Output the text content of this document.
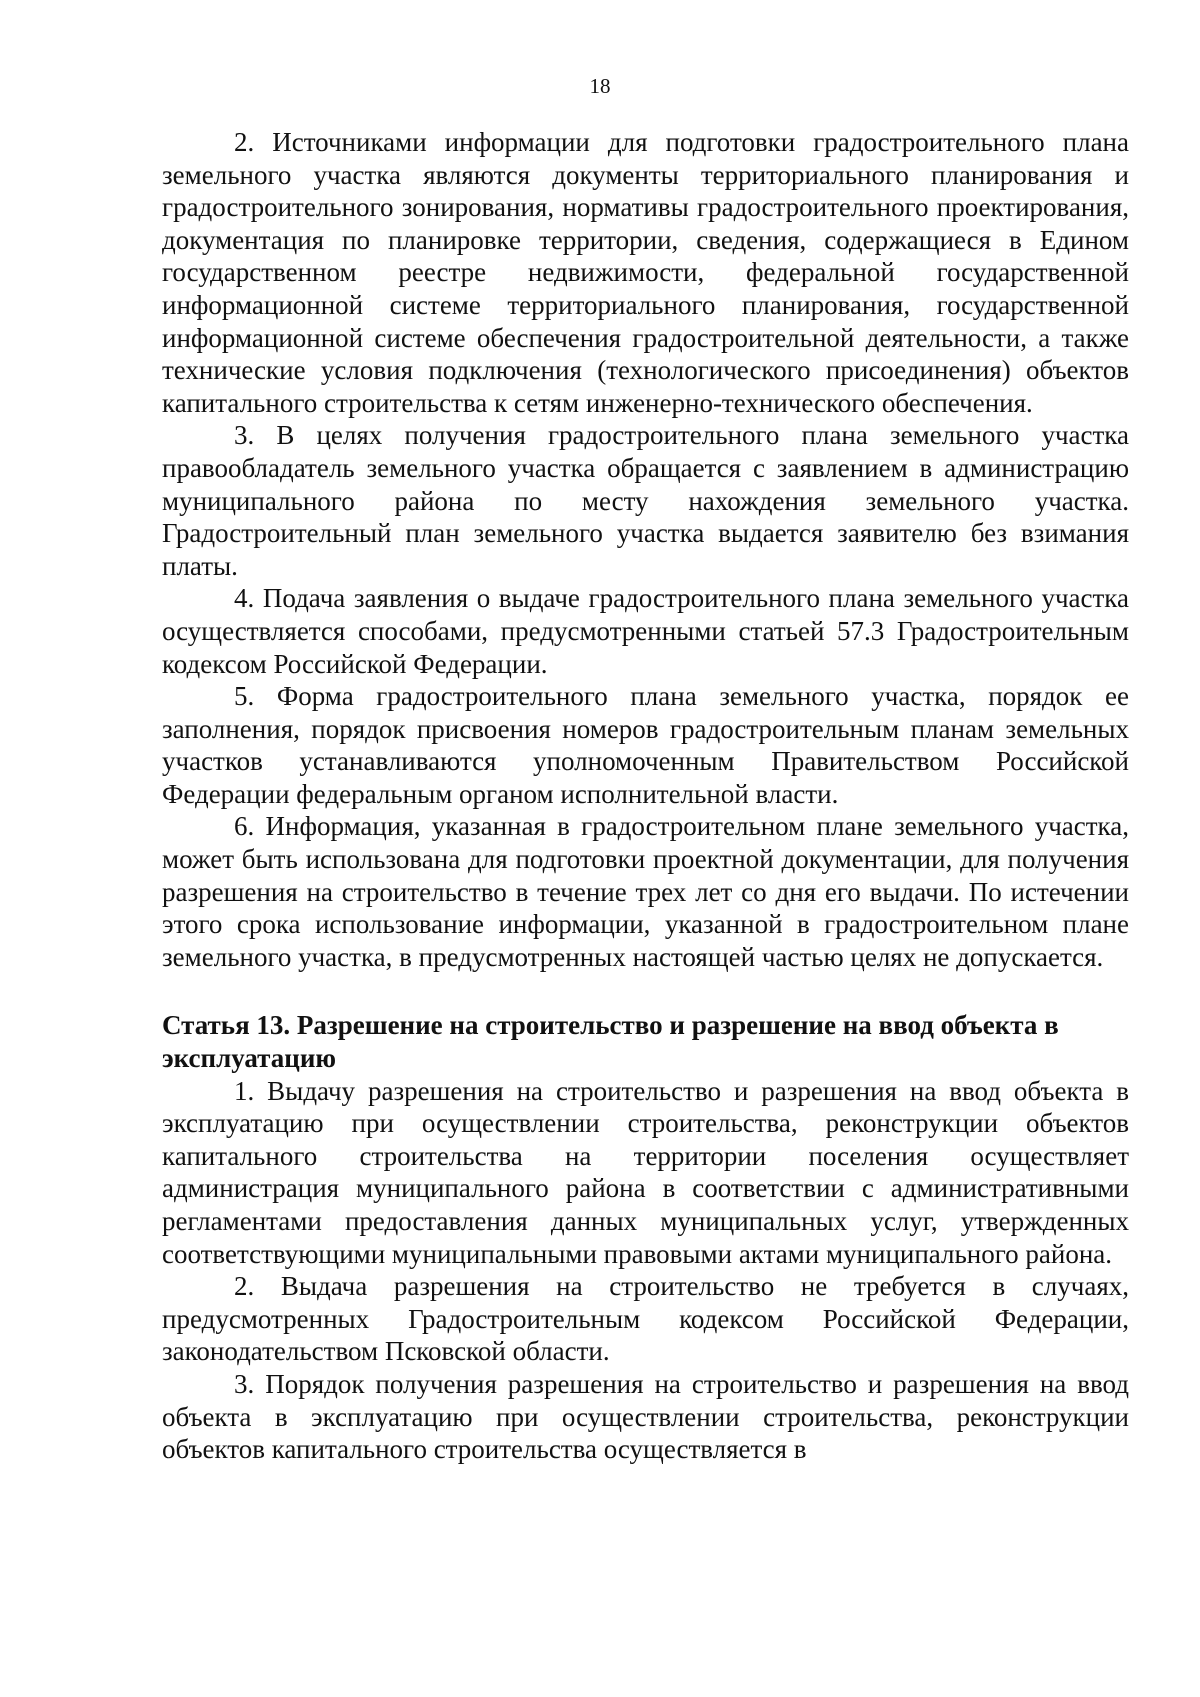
18

2. Источниками информации для подготовки градостроительного плана земельного участка являются документы территориального планирования и градостроительного зонирования, нормативы градостроительного проектирования, документация по планировке территории, сведения, содержащиеся в Едином государственном реестре недвижимости, федеральной государственной информационной системе территориального планирования, государственной информационной системе обеспечения градостроительной деятельности, а также технические условия подключения (технологического присоединения) объектов капитального строительства к сетям инженерно-технического обеспечения.

3. В целях получения градостроительного плана земельного участка правообладатель земельного участка обращается с заявлением в администрацию муниципального района по месту нахождения земельного участка. Градостроительный план земельного участка выдается заявителю без взимания платы.

4. Подача заявления о выдаче градостроительного плана земельного участка осуществляется способами, предусмотренными статьей 57.3 Градостроительным кодексом Российской Федерации.

5. Форма градостроительного плана земельного участка, порядок ее заполнения, порядок присвоения номеров градостроительным планам земельных участков устанавливаются уполномоченным Правительством Российской Федерации федеральным органом исполнительной власти.

6. Информация, указанная в градостроительном плане земельного участка, может быть использована для подготовки проектной документации, для получения разрешения на строительство в течение трех лет со дня его выдачи. По истечении этого срока использование информации, указанной в градостроительном плане земельного участка, в предусмотренных настоящей частью целях не допускается.

Статья 13. Разрешение на строительство и разрешение на ввод объекта в эксплуатацию

1. Выдачу разрешения на строительство и разрешения на ввод объекта в эксплуатацию при осуществлении строительства, реконструкции объектов капитального строительства на территории поселения осуществляет администрация муниципального района в соответствии с административными регламентами предоставления данных муниципальных услуг, утвержденных соответствующими муниципальными правовыми актами муниципального района.

2. Выдача разрешения на строительство не требуется в случаях, предусмотренных Градостроительным кодексом Российской Федерации, законодательством Псковской области.

3. Порядок получения разрешения на строительство и разрешения на ввод объекта в эксплуатацию при осуществлении строительства, реконструкции объектов капитального строительства осуществляется в
